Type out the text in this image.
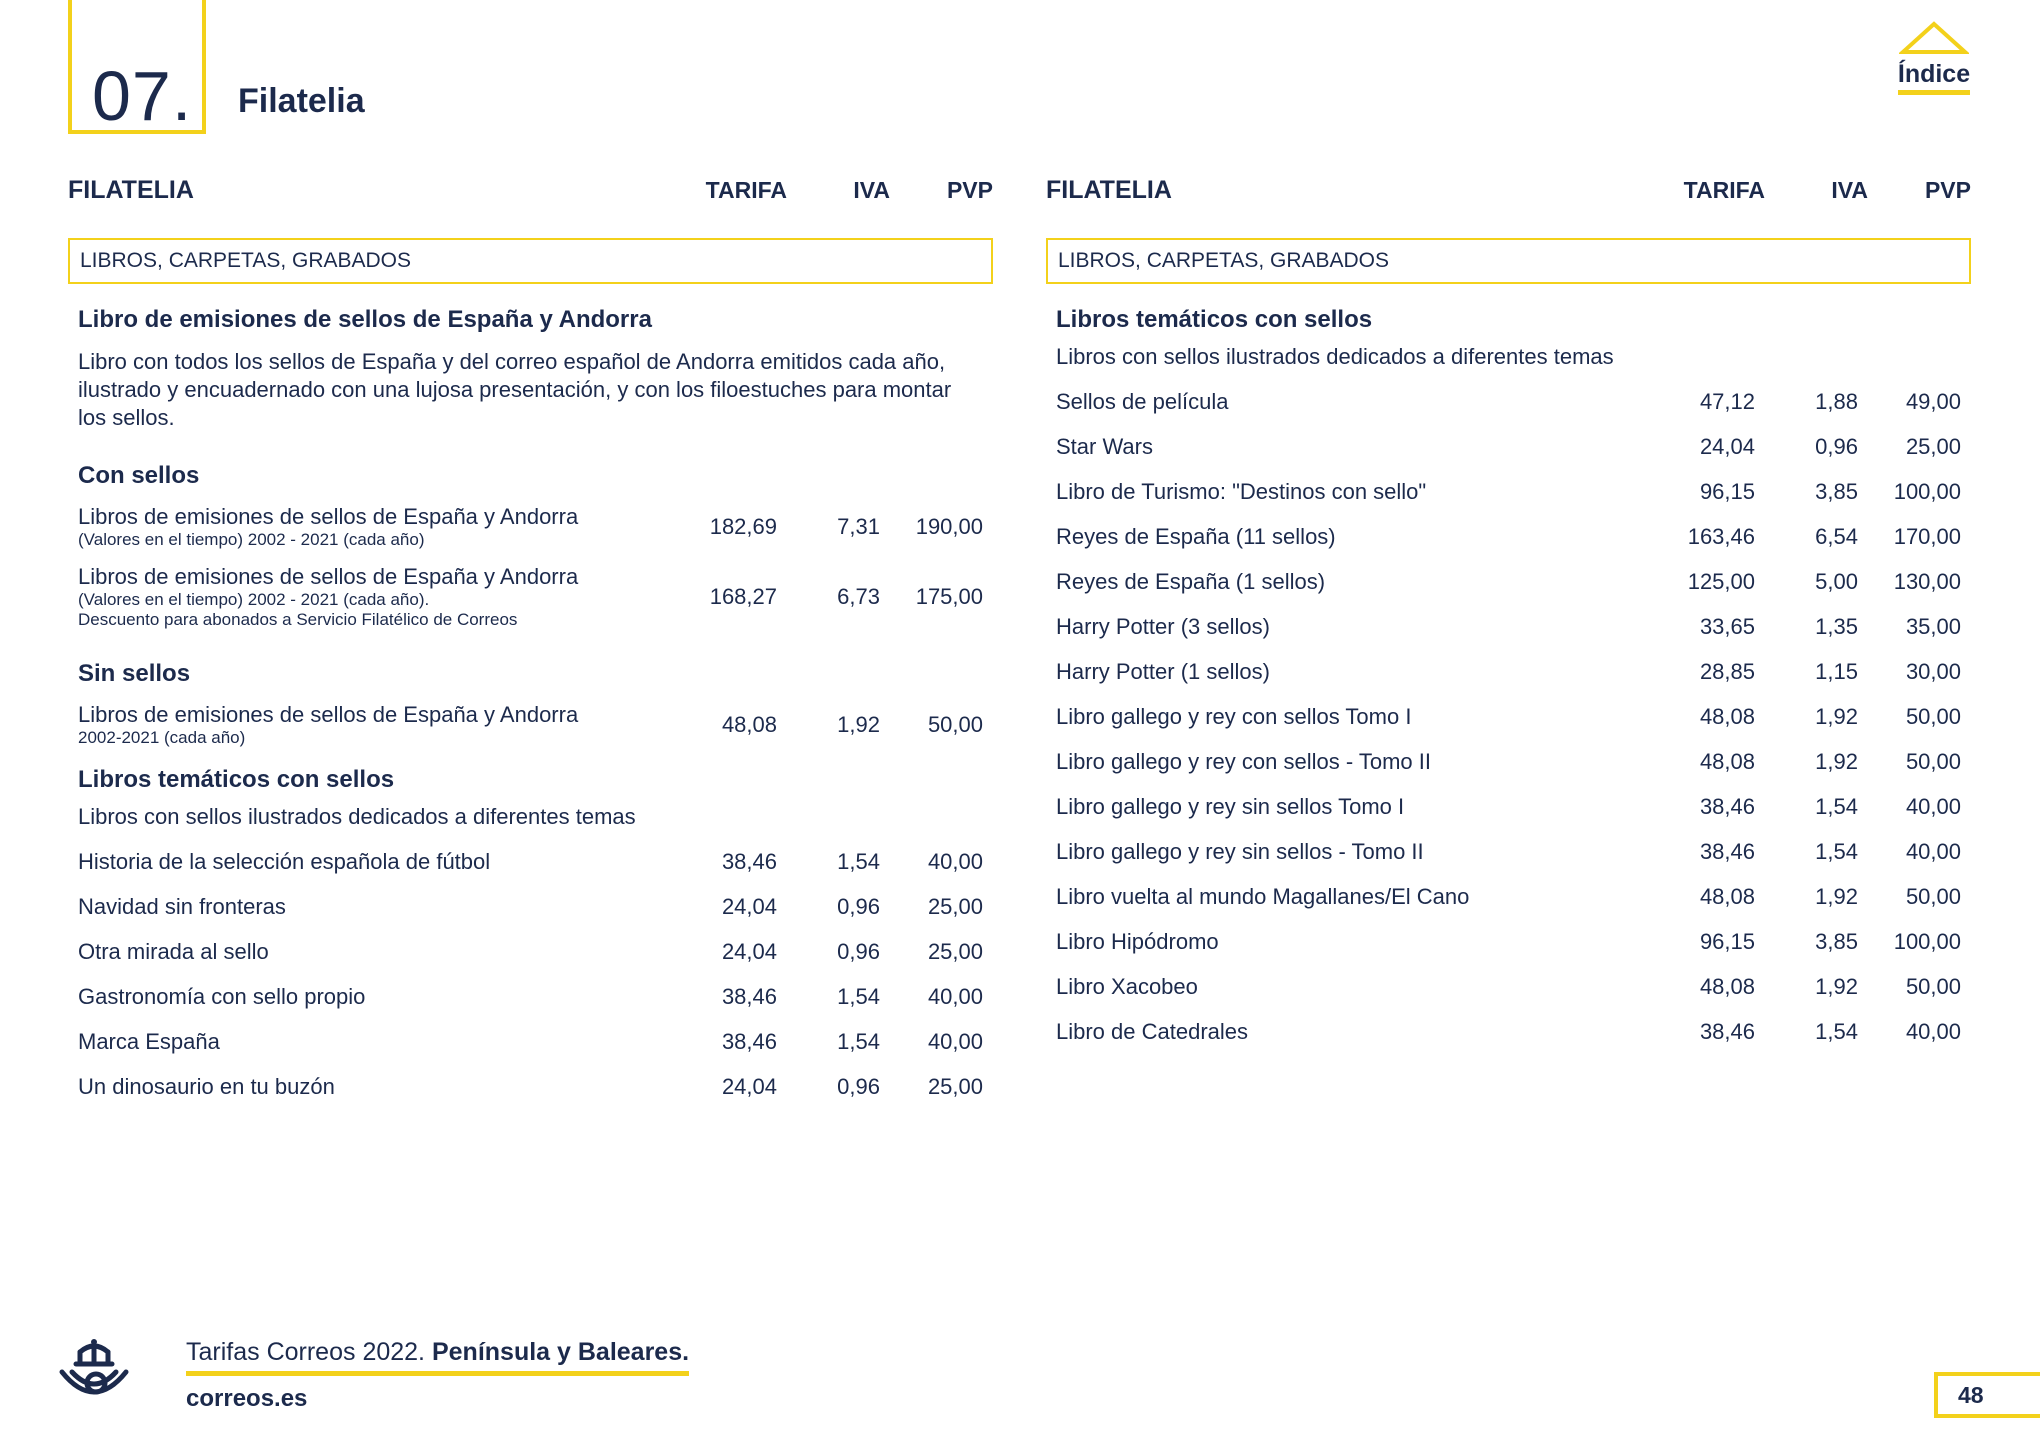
07. Filatelia
Índice
FILATELIA	TARIFA	IVA	PVP
LIBROS, CARPETAS, GRABADOS
Libro de emisiones de sellos de España y Andorra
Libro con todos los sellos de España y del correo español de Andorra emitidos cada año, ilustrado y encuadernado con una lujosa presentación, y con los filoestuches para montar los sellos.
Con sellos
Libros de emisiones de sellos de España y Andorra
(Valores en el tiempo) 2002 - 2021 (cada año)
182,69	7,31	190,00
Libros de emisiones de sellos de España y Andorra
(Valores en el tiempo) 2002 - 2021 (cada año).
Descuento para abonados a Servicio Filatélico de Correos
168,27	6,73	175,00
Sin sellos
Libros de emisiones de sellos de España y Andorra
2002-2021 (cada año)
48,08	1,92	50,00
Libros temáticos con sellos
Libros con sellos ilustrados dedicados a diferentes temas
Historia de la selección española de fútbol	38,46	1,54	40,00
Navidad sin fronteras	24,04	0,96	25,00
Otra mirada al sello	24,04	0,96	25,00
Gastronomía con sello propio	38,46	1,54	40,00
Marca España	38,46	1,54	40,00
Un dinosaurio en tu buzón	24,04	0,96	25,00
FILATELIA	TARIFA	IVA	PVP
LIBROS, CARPETAS, GRABADOS
Libros temáticos con sellos
Libros con sellos ilustrados dedicados a diferentes temas
Sellos de película	47,12	1,88	49,00
Star Wars	24,04	0,96	25,00
Libro de Turismo: "Destinos con sello"	96,15	3,85	100,00
Reyes de España (11 sellos)	163,46	6,54	170,00
Reyes de España (1 sellos)	125,00	5,00	130,00
Harry Potter (3 sellos)	33,65	1,35	35,00
Harry Potter (1 sellos)	28,85	1,15	30,00
Libro gallego y rey con sellos Tomo I	48,08	1,92	50,00
Libro gallego y rey con sellos - Tomo II	48,08	1,92	50,00
Libro gallego y rey sin sellos Tomo I	38,46	1,54	40,00
Libro gallego y rey sin sellos - Tomo II	38,46	1,54	40,00
Libro vuelta al mundo Magallanes/El Cano	48,08	1,92	50,00
Libro Hipódromo	96,15	3,85	100,00
Libro Xacobeo	48,08	1,92	50,00
Libro de Catedrales	38,46	1,54	40,00
Tarifas Correos 2022. Península y Baleares.
correos.es	48
